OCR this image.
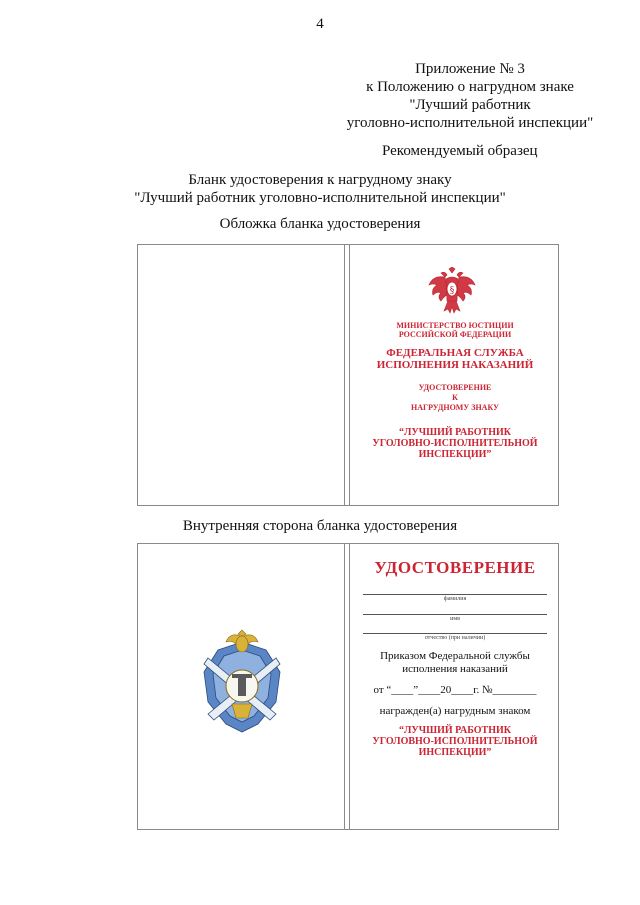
4
Приложение № 3
к Положению о нагрудном знаке
"Лучший работник
уголовно-исполнительной инспекции"
Рекомендуемый образец
Бланк удостоверения к нагрудному знаку
"Лучший работник уголовно-исполнительной инспекции"
Обложка бланка удостоверения
§
МИНИСТЕРСТВО ЮСТИЦИИ
РОССИЙСКОЙ ФЕДЕРАЦИИ
ФЕДЕРАЛЬНАЯ СЛУЖБА
ИСПОЛНЕНИЯ НАКАЗАНИЙ
УДОСТОВЕРЕНИЕ
К
НАГРУДНОМУ ЗНАКУ
“ЛУЧШИЙ РАБОТНИК
УГОЛОВНО-ИСПОЛНИТЕЛЬНОЙ
ИНСПЕКЦИИ”
Внутренняя сторона бланка удостоверения
УДОСТОВЕРЕНИЕ
фамилия
имя
отчество (при наличии)
Приказом Федеральной службы
исполнения наказаний
от “____”____20____г. №________
награжден(а) нагрудным знаком
“ЛУЧШИЙ РАБОТНИК
УГОЛОВНО-ИСПОЛНИТЕЛЬНОЙ
ИНСПЕКЦИИ”
